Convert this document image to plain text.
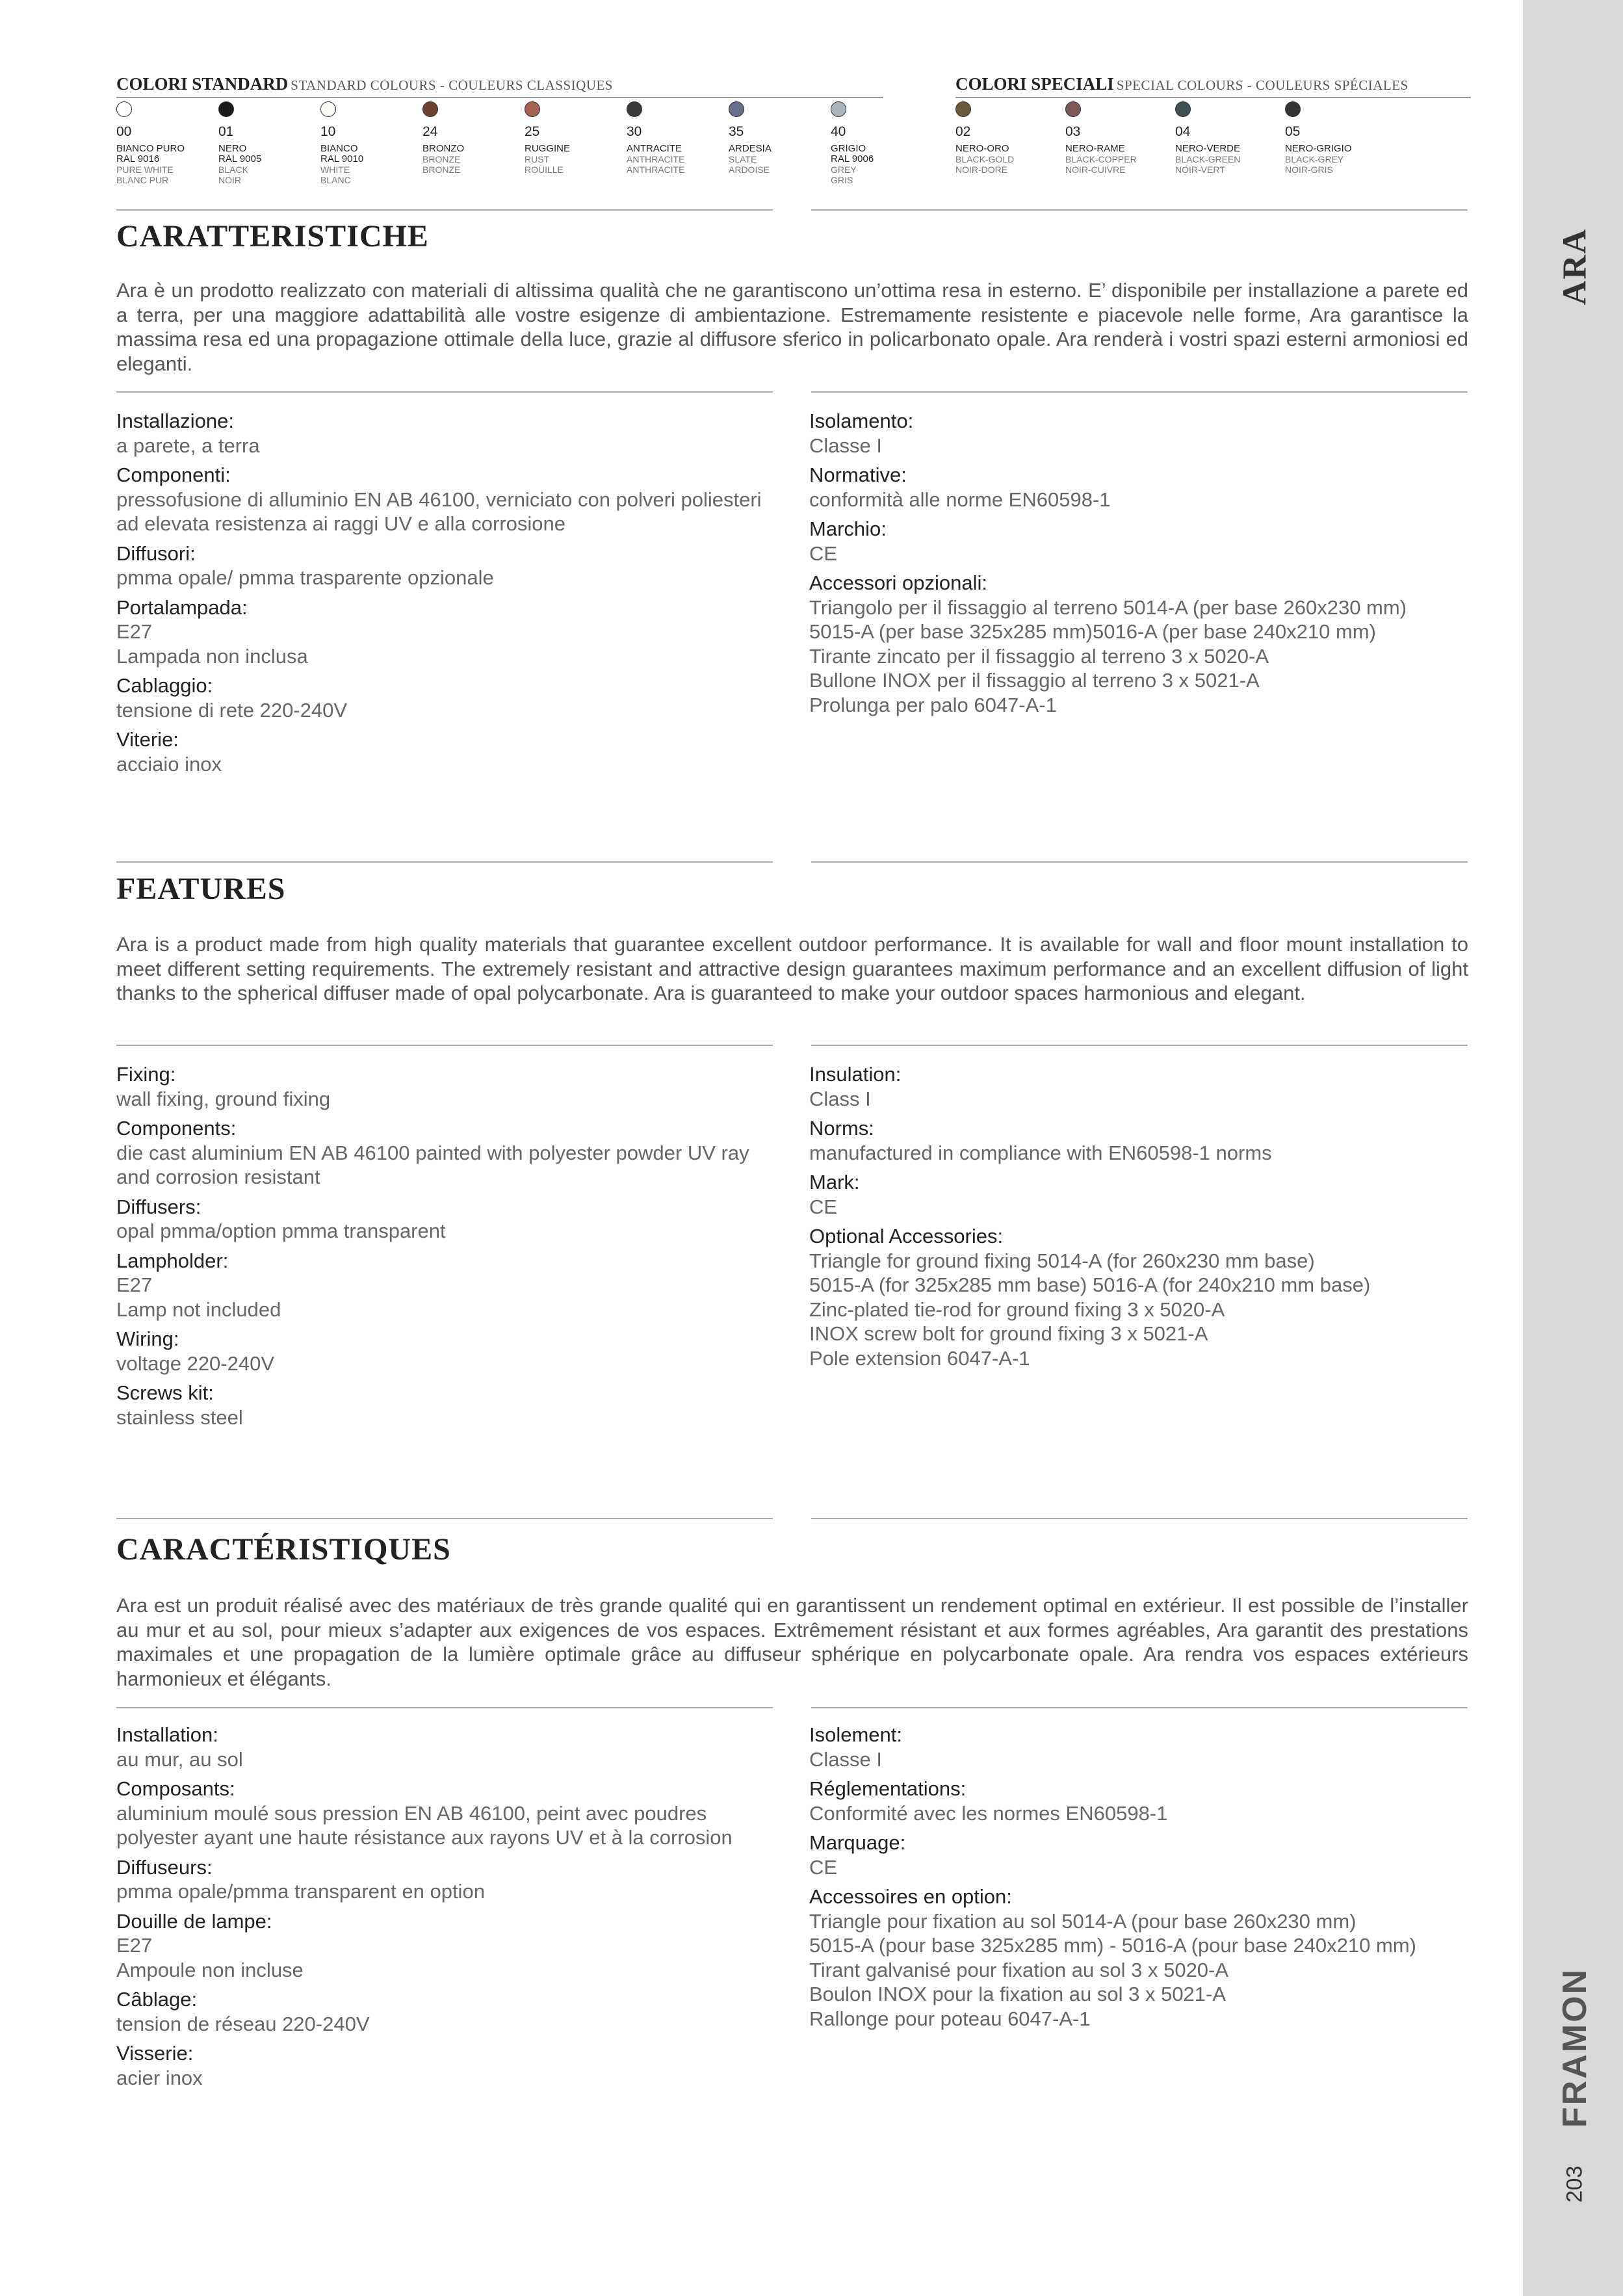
ARA
FRAMON
203
COLORI STANDARD STANDARD COLOURS - COULEURS CLASSIQUES	COLORI SPECIALI SPECIAL COLOURS - COULEURS SPÉCIALES
00
BIANCO PURO
RAL 9016
PURE WHITE
BLANC PUR
01
NERO
RAL 9005
BLACK
NOIR
10
BIANCO
RAL 9010
WHITE
BLANC
24
BRONZO
BRONZE
BRONZE
25
RUGGINE
RUST
ROUILLE
30
ANTRACITE
ANTHRACITE
ANTHRACITE
35
ARDESIA
SLATE
ARDOISE
40
GRIGIO
RAL 9006
GREY
GRIS
02
NERO-ORO
BLACK-GOLD
NOIR-DORE
03
NERO-RAME
BLACK-COPPER
NOIR-CUIVRE
04
NERO-VERDE
BLACK-GREEN
NOIR-VERT
05
NERO-GRIGIO
BLACK-GREY
NOIR-GRIS
CARATTERISTICHE

Ara è un prodotto realizzato con materiali di altissima qualità che ne garantiscono un’ottima resa in esterno. E’ disponibile per installazione a parete ed a terra, per una maggiore adattabilità alle vostre esigenze di ambientazione. Estremamente resistente e piacevole nelle forme, Ara garantisce la massima resa ed una propagazione ottimale della luce, grazie al diffusore sferico in policarbonato opale. Ara renderà i vostri spazi esterni armoniosi ed eleganti.

Installazione:
a parete, a terra
Componenti:
pressofusione di alluminio EN AB 46100, verniciato con polveri poliesteri ad elevata resistenza ai raggi UV e alla corrosione
Diffusori:
pmma opale/ pmma trasparente opzionale
Portalampada:
E27
Lampada non inclusa
Cablaggio:
tensione di rete 220-240V
Viterie:
acciaio inox
Isolamento:
Classe I
Normative:
conformità alle norme EN60598-1
Marchio:
CE
Accessori opzionali:
Triangolo per il fissaggio al terreno 5014-A (per base 260x230 mm)
5015-A (per base 325x285 mm)5016-A (per base 240x210 mm)
Tirante zincato per il fissaggio al terreno 3 x 5020-A
Bullone INOX per il fissaggio al terreno 3 x 5021-A
Prolunga per palo 6047-A-1
FEATURES

Ara is a product made from high quality materials that guarantee excellent outdoor performance. It is available for wall and floor mount installation to meet different setting requirements. The extremely resistant and attractive design guarantees maximum performance and an excellent diffusion of light thanks to the spherical diffuser made of opal polycarbonate. Ara is guaranteed to make your outdoor spaces harmonious and elegant.

Fixing:
wall fixing, ground fixing
Components:
die cast aluminium EN AB 46100 painted with polyester powder UV ray and corrosion resistant
Diffusers:
opal pmma/option pmma transparent
Lampholder:
E27
Lamp not included
Wiring:
voltage 220-240V
Screws kit:
stainless steel
Insulation:
Class I
Norms:
manufactured in compliance with EN60598-1 norms
Mark:
CE
Optional Accessories:
Triangle for ground fixing 5014-A (for 260x230 mm base)
5015-A (for 325x285 mm base) 5016-A (for 240x210 mm base)
Zinc-plated tie-rod for ground fixing 3 x 5020-A
INOX screw bolt for ground fixing 3 x 5021-A
Pole extension 6047-A-1
CARACTÉRISTIQUES

Ara est un produit réalisé avec des matériaux de très grande qualité qui en garantissent un rendement optimal en extérieur. Il est possible de l’installer au mur et au sol, pour mieux s’adapter aux exigences de vos espaces. Extrêmement résistant et aux formes agréables, Ara garantit des prestations maximales et une propagation de la lumière optimale grâce au diffuseur sphérique en polycarbonate opale. Ara rendra vos espaces extérieurs harmonieux et élégants.

Installation:
au mur, au sol
Composants:
aluminium moulé sous pression EN AB 46100, peint avec poudres polyester ayant une haute résistance aux rayons UV et à la corrosion
Diffuseurs:
pmma opale/pmma transparent en option
Douille de lampe:
E27
Ampoule non incluse
Câblage:
tension de réseau 220-240V
Visserie:
acier inox
Isolement:
Classe I
Réglementations:
Conformité avec les normes EN60598-1
Marquage:
CE
Accessoires en option:
Triangle pour fixation au sol 5014-A (pour base 260x230 mm)
5015-A (pour base 325x285 mm) - 5016-A (pour base 240x210 mm)
Tirant galvanisé pour fixation au sol 3 x 5020-A
Boulon INOX pour la fixation au sol 3 x 5021-A
Rallonge pour poteau 6047-A-1
